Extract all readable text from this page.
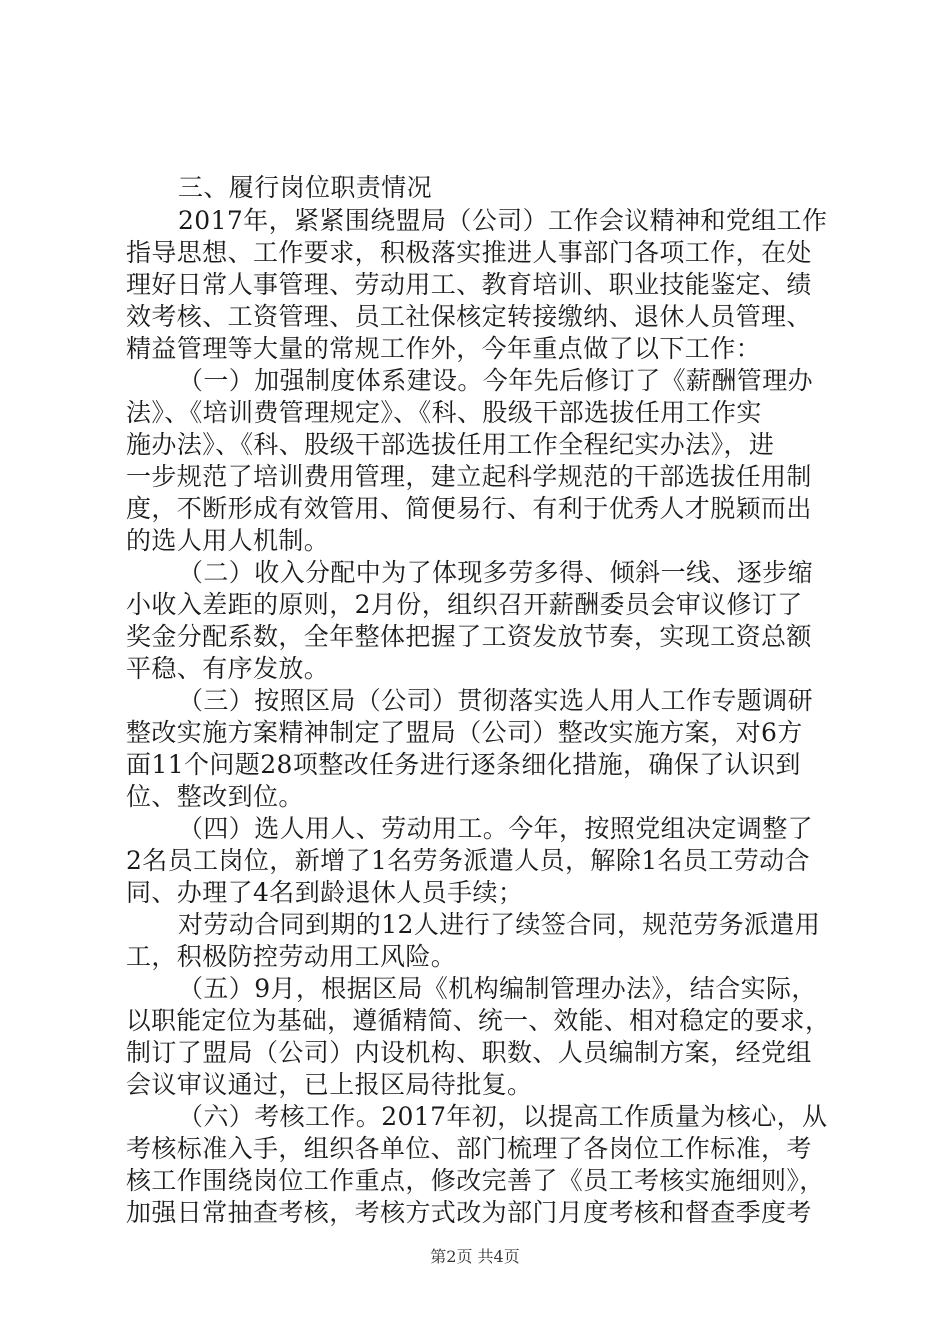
三、履行岗位职责情况
2017年，紧紧围绕盟局（公司）工作会议精神和党组工作
指导思想、工作要求，积极落实推进人事部门各项工作，在处
理好日常人事管理、劳动用工、教育培训、职业技能鉴定、绩
效考核、工资管理、员工社保核定转接缴纳、退休人员管理、
精益管理等大量的常规工作外，今年重点做了以下工作：
（一）加强制度体系建设。今年先后修订了《薪酬管理办
法》、《培训费管理规定》、《科、股级干部选拔任用工作实
施办法》、《科、股级干部选拔任用工作全程纪实办法》，进
一步规范了培训费用管理，建立起科学规范的干部选拔任用制
度，不断形成有效管用、简便易行、有利于优秀人才脱颖而出
的选人用人机制。
（二）收入分配中为了体现多劳多得、倾斜一线、逐步缩
小收入差距的原则，2月份，组织召开薪酬委员会审议修订了
奖金分配系数，全年整体把握了工资发放节奏，实现工资总额
平稳、有序发放。
（三）按照区局（公司）贯彻落实选人用人工作专题调研
整改实施方案精神制定了盟局（公司）整改实施方案，对6方
面11个问题28项整改任务进行逐条细化措施，确保了认识到
位、整改到位。
（四）选人用人、劳动用工。今年，按照党组决定调整了
2名员工岗位，新增了1名劳务派遣人员，解除1名员工劳动合
同、办理了4名到龄退休人员手续；
对劳动合同到期的12人进行了续签合同，规范劳务派遣用
工，积极防控劳动用工风险。
（五）9月，根据区局《机构编制管理办法》，结合实际，
以职能定位为基础，遵循精简、统一、效能、相对稳定的要求，
制订了盟局（公司）内设机构、职数、人员编制方案，经党组
会议审议通过，已上报区局待批复。
（六）考核工作。2017年初，以提高工作质量为核心，从
考核标准入手，组织各单位、部门梳理了各岗位工作标准，考
核工作围绕岗位工作重点，修改完善了《员工考核实施细则》，
加强日常抽查考核，考核方式改为部门月度考核和督查季度考
第2页 共4页
